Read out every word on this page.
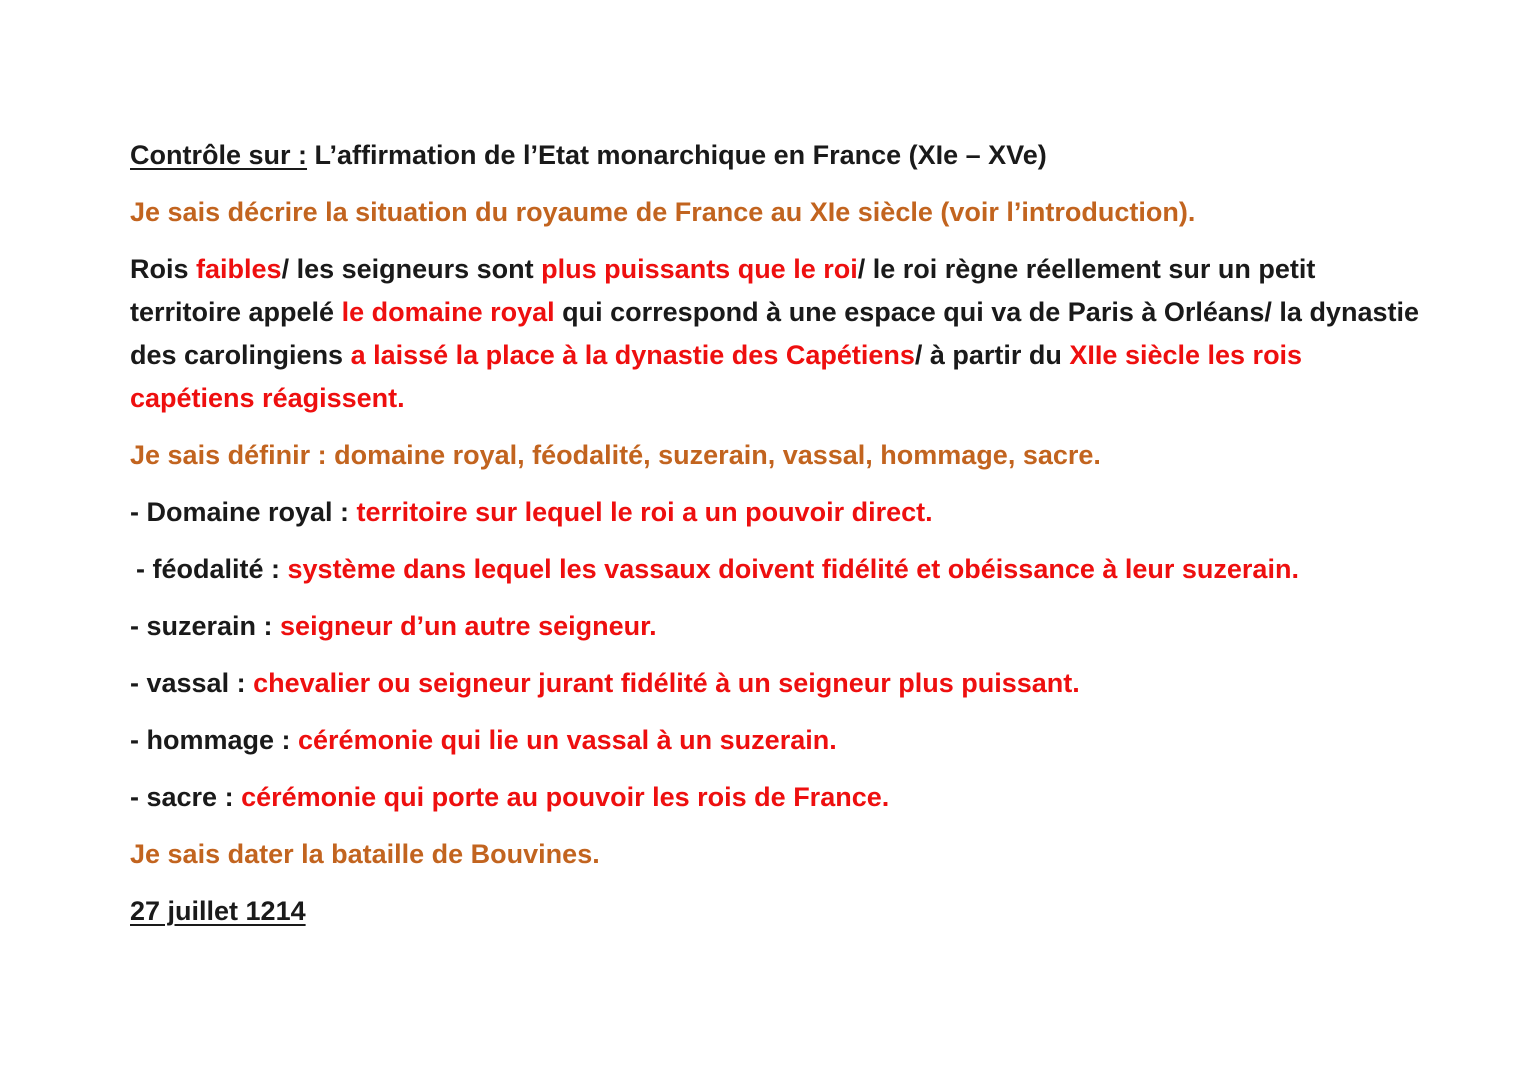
Contrôle sur : L’affirmation de l’Etat monarchique en France (XIe – XVe)

Je sais décrire la situation du royaume de France au XIe siècle (voir l’introduction).

Rois faibles/ les seigneurs sont plus puissants que le roi/ le roi règne réellement sur un petit territoire appelé le domaine royal qui correspond à une espace qui va de Paris à Orléans/ la dynastie des carolingiens a laissé la place à la dynastie des Capétiens/ à partir du XIIe siècle les rois capétiens réagissent.

Je sais définir : domaine royal, féodalité, suzerain, vassal, hommage, sacre.

- Domaine royal : territoire sur lequel le roi a un pouvoir direct.

- féodalité : système dans lequel les vassaux doivent fidélité et obéissance à leur suzerain.

- suzerain : seigneur d’un autre seigneur.

- vassal : chevalier ou seigneur jurant fidélité à un seigneur plus puissant.

- hommage : cérémonie qui lie un vassal à un suzerain.

- sacre : cérémonie qui porte au pouvoir les rois de France.

Je sais dater la bataille de Bouvines.

27 juillet 1214
